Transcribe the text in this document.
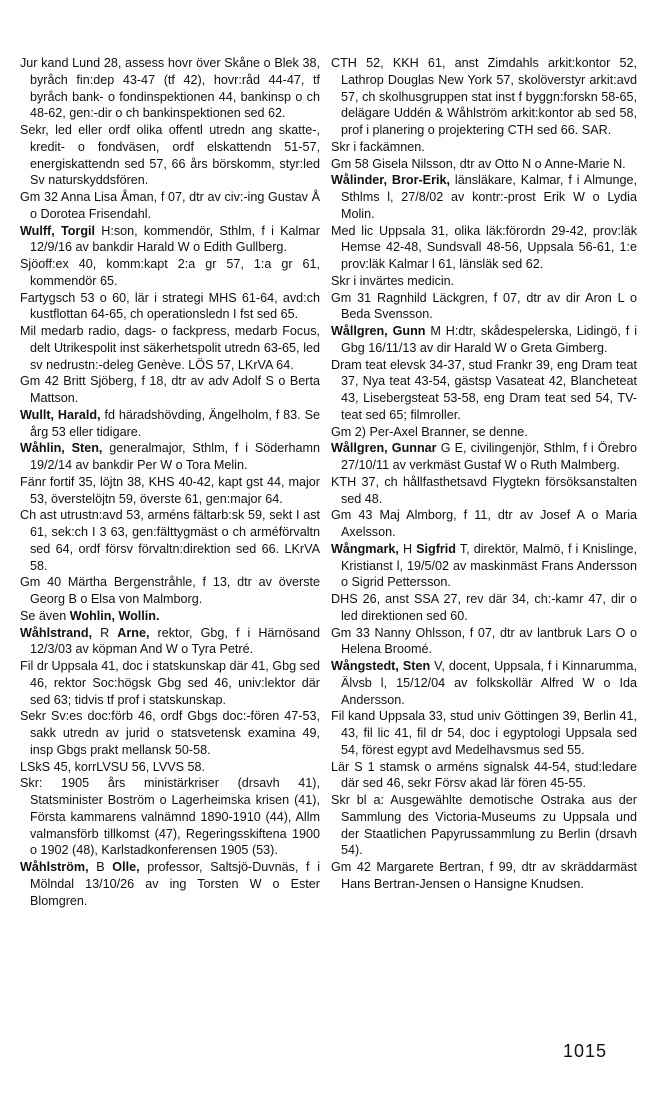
Jur kand Lund 28, assess hovr över Skåne o Blek 38, byråch fin:dep 43-47 (tf 42), hovr:råd 44-47, tf byråch bank- o fondinspektionen 44, bankinsp o ch 48-62, gen:-dir o ch bankinspektionen sed 62.

Sekr, led eller ordf olika offentl utredn ang skatte-, kredit- o fondväsen, ordf elskattendn 51-57, energiskattendn sed 57, 66 års börskomm, styr:led Sv naturskyddsfören.

Gm 32 Anna Lisa Åman, f 07, dtr av civ:-ing Gustav Å o Dorotea Frisendahl.

Wulff, Torgil H:son, kommendör, Sthlm, f i Kalmar 12/9/16 av bankdir Harald W o Edith Gullberg.

Sjöoff:ex 40, komm:kapt 2:a gr 57, 1:a gr 61, kommendör 65.

Fartygsch 53 o 60, lär i strategi MHS 61-64, avd:ch kustflottan 64-65, ch operationsledn I fst sed 65.

Mil medarb radio, dags- o fackpress, medarb Focus, delt Utrikespolit inst säkerhetspolit utredn 63-65, led sv nedrustn:-deleg Genève. LÖS 57, LKrVA 64.

Gm 42 Britt Sjöberg, f 18, dtr av adv Adolf S o Berta Mattson.

Wullt, Harald, fd häradshövding, Ängelholm, f 83. Se årg 53 eller tidigare.

Wåhlin, Sten, generalmajor, Sthlm, f i Söderhamn 19/2/14 av bankdir Per W o Tora Melin.

Fänr fortif 35, löjtn 38, KHS 40-42, kapt gst 44, major 53, överstelöjtn 59, överste 61, gen:major 64.

Ch ast utrustn:avd 53, arméns fältarb:sk 59, sekt I ast 61, sek:ch I 3 63, gen:fälttygmäst o ch arméförvaltn sed 64, ordf försv förvaltn:direktion sed 66. LKrVA 58.

Gm 40 Märtha Bergenstråhle, f 13, dtr av överste Georg B o Elsa von Malmborg.

Se även Wohlin, Wollin.

Wåhlstrand, R Arne, rektor, Gbg, f i Härnösand 12/3/03 av köpman And W o Tyra Petré.

Fil dr Uppsala 41, doc i statskunskap där 41, Gbg sed 46, rektor Soc:högsk Gbg sed 46, univ:lektor där sed 63; tidvis tf prof i statskunskap.

Sekr Sv:es doc:förb 46, ordf Gbgs doc:-fören 47-53, sakk utredn av jurid o statsvetensk examina 49, insp Gbgs prakt mellansk 50-58.

LSkS 45, korrLVSU 56, LVVS 58.

Skr: 1905 års ministärkriser (drsavh 41), Statsminister Boström o Lagerheimska krisen (41), Första kammarens valnämnd 1890-1910 (44), Allm valmansförb tillkomst (47), Regeringsskiftena 1900 o 1902 (48), Karlstadkonferensen 1905 (53).

Wåhlström, B Olle, professor, Saltsjö-Duvnäs, f i Mölndal 13/10/26 av ing Torsten W o Ester Blomgren.

CTH 52, KKH 61, anst Zimdahls arkit:kontor 52, Lathrop Douglas New York 57, skolöverstyr arkit:avd 57, ch skolhusgruppen stat inst f byggn:forskn 58-65, delägare Uddén & Wåhlström arkit:kontor ab sed 58, prof i planering o projektering CTH sed 66. SAR.

Skr i fackämnen.

Gm 58 Gisela Nilsson, dtr av Otto N o Anne-Marie N.

Wålinder, Bror-Erik, länsläkare, Kalmar, f i Almunge, Sthlms l, 27/8/02 av kontr:-prost Erik W o Lydia Molin.

Med lic Uppsala 31, olika läk:förordn 29-42, prov:läk Hemse 42-48, Sundsvall 48-56, Uppsala 56-61, 1:e prov:läk Kalmar l 61, länsläk sed 62.

Skr i invärtes medicin.

Gm 31 Ragnhild Läckgren, f 07, dtr av dir Aron L o Beda Svensson.

Wållgren, Gunn M H:dtr, skådespelerska, Lidingö, f i Gbg 16/11/13 av dir Harald W o Greta Gimberg.

Dram teat elevsk 34-37, stud Frankr 39, eng Dram teat 37, Nya teat 43-54, gästsp Vasateat 42, Blancheteat 43, Lisebergsteat 53-58, eng Dram teat sed 54, TV-teat sed 65; filmroller.

Gm 2) Per-Axel Branner, se denne.

Wållgren, Gunnar G E, civilingenjör, Sthlm, f i Örebro 27/10/11 av verkmäst Gustaf W o Ruth Malmberg.

KTH 37, ch hållfasthetsavd Flygtekn försöksanstalten sed 48.

Gm 43 Maj Almborg, f 11, dtr av Josef A o Maria Axelsson.

Wångmark, H Sigfrid T, direktör, Malmö, f i Knislinge, Kristianst l, 19/5/02 av maskinmäst Frans Andersson o Sigrid Pettersson.

DHS 26, anst SSA 27, rev där 34, ch:-kamr 47, dir o led direktionen sed 60.

Gm 33 Nanny Ohlsson, f 07, dtr av lantbruk Lars O o Helena Broomé.

Wångstedt, Sten V, docent, Uppsala, f i Kinnarumma, Älvsb l, 15/12/04 av folkskollär Alfred W o Ida Andersson.

Fil kand Uppsala 33, stud univ Göttingen 39, Berlin 41, 43, fil lic 41, fil dr 54, doc i egyptologi Uppsala sed 54, förest egypt avd Medelhavsmus sed 55.

Lär S 1 stamsk o arméns signalsk 44-54, stud:ledare där sed 46, sekr Försv akad lär fören 45-55.

Skr bl a: Ausgewählte demotische Ostraka aus der Sammlung des Victoria-Museums zu Uppsala und der Staatlichen Papyrussammlung zu Berlin (drsavh 54).

Gm 42 Margarete Bertran, f 99, dtr av skräddarmäst Hans Bertran-Jensen o Hansigne Knudsen.

1015
